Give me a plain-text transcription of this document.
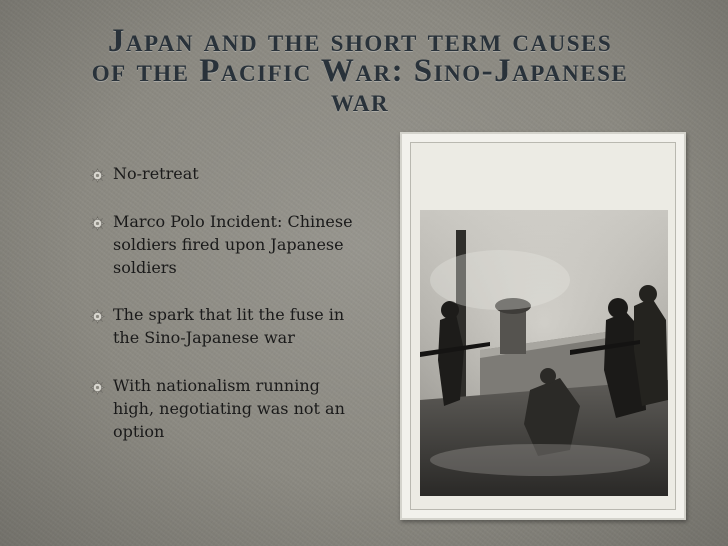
Japan and the short term causes
of the Pacific War: Sino-Japanese
war
No-retreat
Marco Polo Incident: Chinese soldiers fired upon Japanese soldiers
The spark that lit the fuse in the Sino-Japanese war
With nationalism running high, negotiating was not an option
